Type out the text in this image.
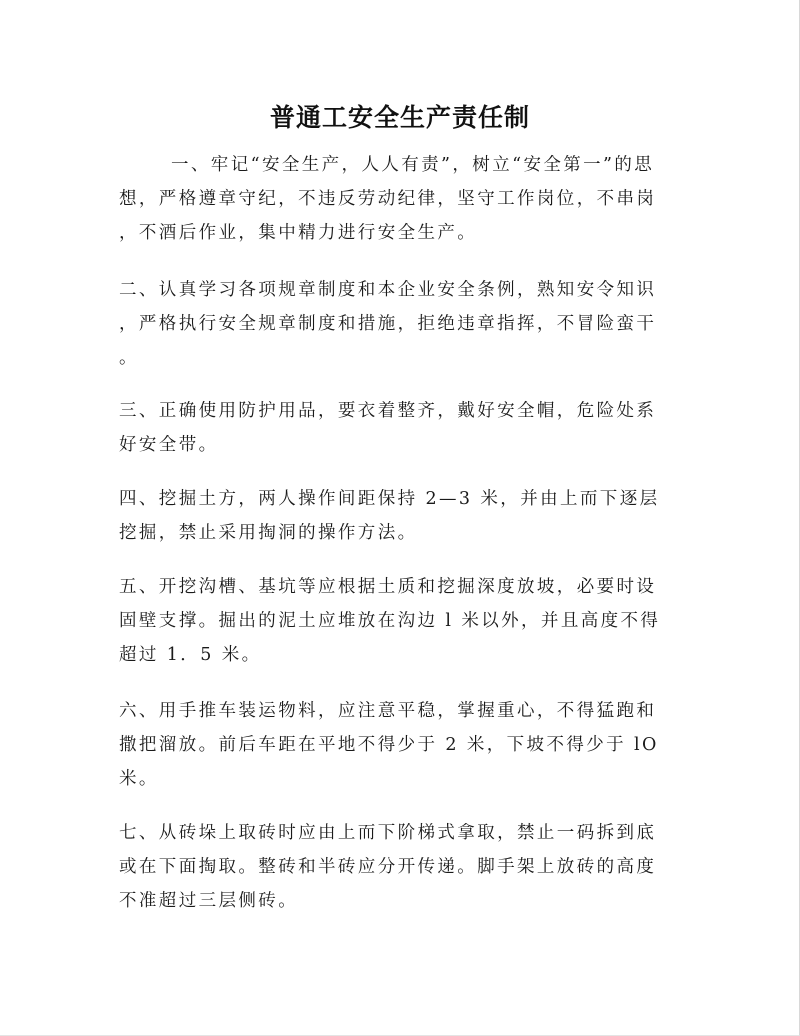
普通工安全生产责任制
一、牢记“安全生产，人人有责”，树立“安全第一”的思
想，严格遵章守纪，不违反劳动纪律，坚守工作岗位，不串岗
，不酒后作业，集中精力进行安全生产。
二、认真学习各项规章制度和本企业安全条例，熟知安令知识
，严格执行安全规章制度和措施，拒绝违章指挥，不冒险蛮干
。
三、正确使用防护用品，要衣着整齐，戴好安全帽，危险处系
好安全带。
四、挖掘土方，两人操作间距保持 2—3 米，并由上而下逐层
挖掘，禁止采用掏洞的操作方法。
五、开挖沟槽、基坑等应根据土质和挖掘深度放坡，必要时设
固壁支撑。掘出的泥土应堆放在沟边 l 米以外，并且高度不得
超过 1．5 米。
六、用手推车装运物料，应注意平稳，掌握重心，不得猛跑和
撒把溜放。前后车距在平地不得少于 2 米，下坡不得少于 lO
米。
七、从砖垛上取砖时应由上而下阶梯式拿取，禁止一码拆到底
或在下面掏取。整砖和半砖应分开传递。脚手架上放砖的高度
不准超过三层侧砖。
